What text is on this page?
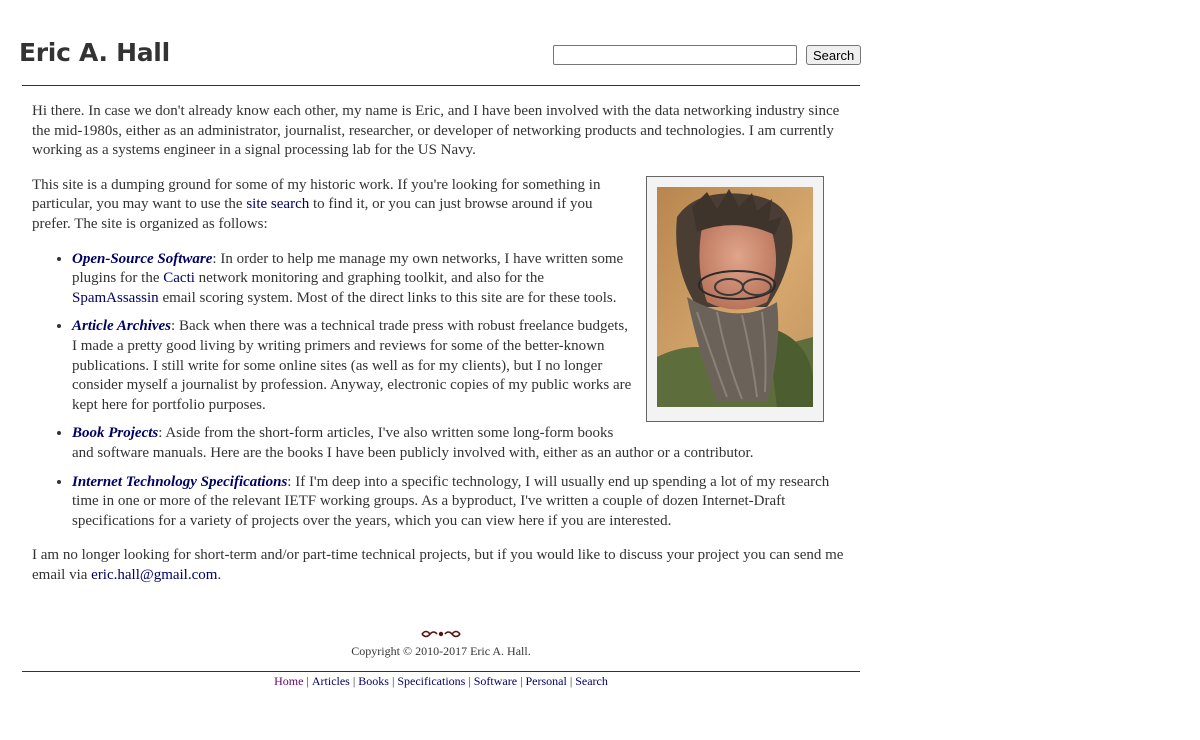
Eric A. Hall	Search

Hi there. In case we don't already know each other, my name is Eric, and I have been involved with the data networking industry since the mid-1980s, either as an administrator, journalist, researcher, or developer of networking products and technologies. I am currently working as a systems engineer in a signal processing lab for the US Navy.

This site is a dumping ground for some of my historic work. If you're looking for something in particular, you may want to use the site search to find it, or you can just browse around if you prefer. The site is organized as follows:

• Open-Source Software: In order to help me manage my own networks, I have written some plugins for the Cacti network monitoring and graphing toolkit, and also for the SpamAssassin email scoring system. Most of the direct links to this site are for these tools.
• Article Archives: Back when there was a technical trade press with robust freelance budgets, I made a pretty good living by writing primers and reviews for some of the better-known publications. I still write for some online sites (as well as for my clients), but I no longer consider myself a journalist by profession. Anyway, electronic copies of my public works are kept here for portfolio purposes.
• Book Projects: Aside from the short-form articles, I've also written some long-form books and software manuals. Here are the books I have been publicly involved with, either as an author or a contributor.
• Internet Technology Specifications: If I'm deep into a specific technology, I will usually end up spending a lot of my research time in one or more of the relevant IETF working groups. As a byproduct, I've written a couple of dozen Internet-Draft specifications for a variety of projects over the years, which you can view here if you are interested.

I am no longer looking for short-term and/or part-time technical projects, but if you would like to discuss your project you can send me email via eric.hall@gmail.com.

Copyright © 2010-2017 Eric A. Hall.
Home | Articles | Books | Specifications | Software | Personal | Search
